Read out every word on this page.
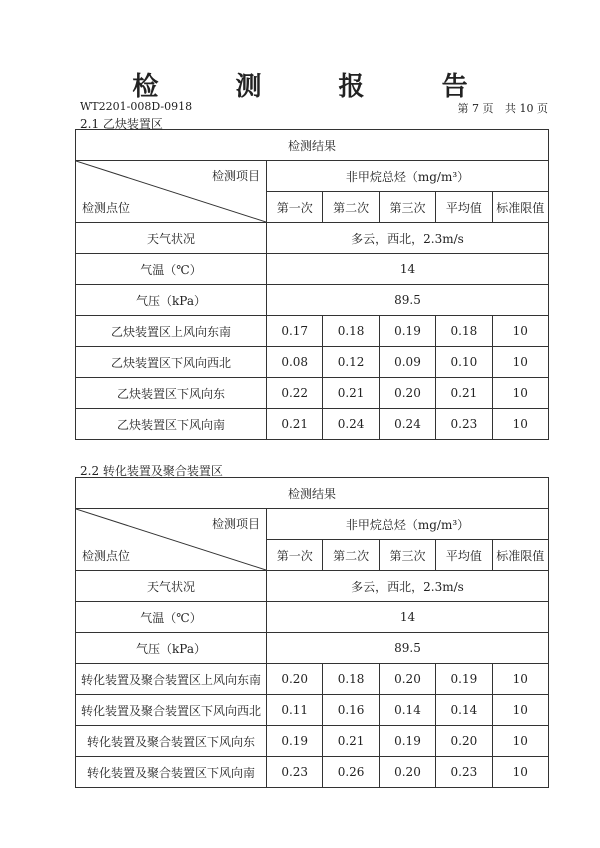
检 测 报 告
WT2201-008D-0918	第 7 页 共 10 页
2.1 乙炔装置区
检测结果					

检测项目
检测点位	非甲烷总烃（mg/m³）				
	第一次	第二次	第三次	平均值	标准限值
天气状况	多云，西北，2.3m/s				
气温（℃）	14				
气压（kPa）	89.5				
乙炔装置区上风向东南	0.17	0.18	0.19	0.18	10
乙炔装置区下风向西北	0.08	0.12	0.09	0.10	10
乙炔装置区下风向东	0.22	0.21	0.20	0.21	10
乙炔装置区下风向南	0.21	0.24	0.24	0.23	10
2.2 转化装置及聚合装置区
检测结果					

检测项目
检测点位	非甲烷总烃（mg/m³）				
	第一次	第二次	第三次	平均值	标准限值
天气状况	多云，西北，2.3m/s				
气温（℃）	14				
气压（kPa）	89.5				
转化装置及聚合装置区上风向东南	0.20	0.18	0.20	0.19	10
转化装置及聚合装置区下风向西北	0.11	0.16	0.14	0.14	10
转化装置及聚合装置区下风向东	0.19	0.21	0.19	0.20	10
转化装置及聚合装置区下风向南	0.23	0.26	0.20	0.23	10
